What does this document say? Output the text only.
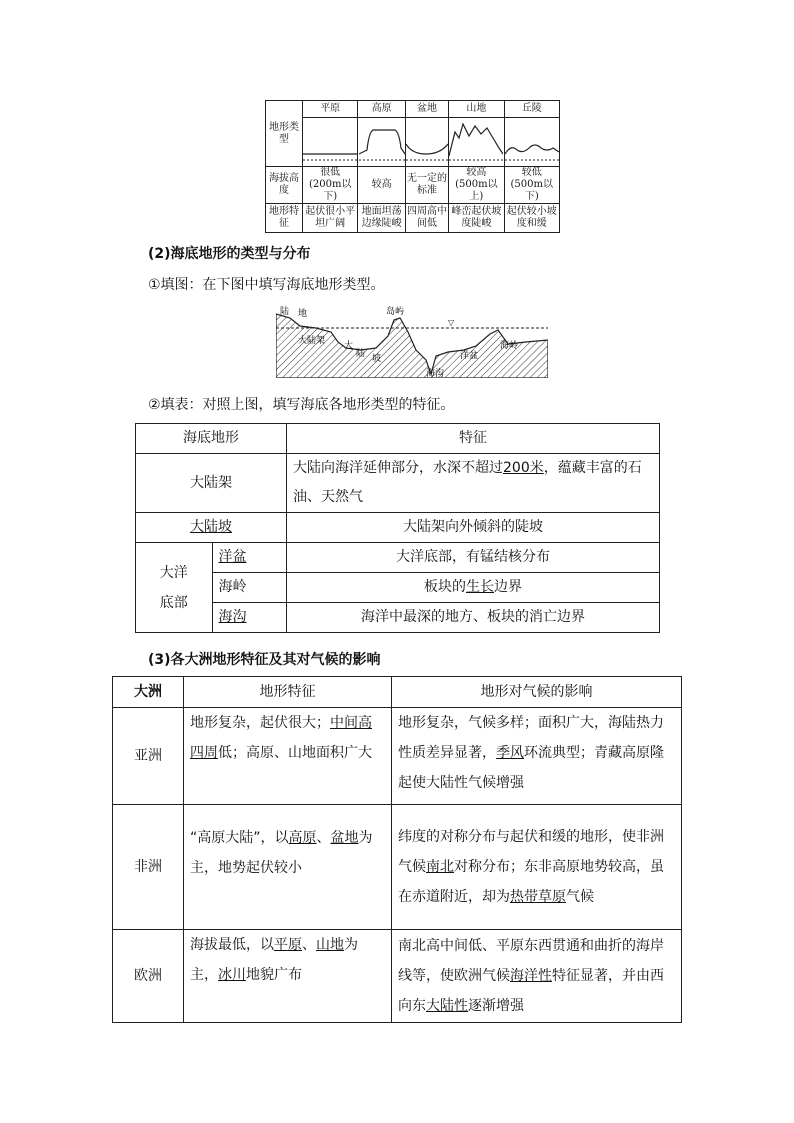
地形类型	平原	高原	盆地	山地	丘陵

海拔高度	很低(200m以下)	较高	无一定的标准	较高(500m以上)	较低(500m以下)
地形特征	起伏很小平坦广阔	地面坦荡边缘陡峻	四周高中间低	峰峦起伏坡度陡峻	起伏较小坡度和缓
(2)海底地形的类型与分布
①填图：在下图中填写海底地形类型。
▽
陆 地	岛屿
大陆架 大
陆 坡	洋盆
海岭
海沟
②填表：对照上图，填写海底各地形类型的特征。
海底地形		特征
大陆架		大陆向海洋延伸部分，水深不超过200米，蕴藏丰富的石油、天然气
大陆坡		大陆架向外倾斜的陡坡

大洋底部	洋盆	大洋底部，有锰结核分布
	海岭	板块的生长边界
	海沟	海洋中最深的地方、板块的消亡边界
(3)各大洲地形特征及其对气候的影响
大洲	地形特征	地形对气候的影响
亚洲	地形复杂，起伏很大；中间高四周低；高原、山地面积广大	地形复杂，气候多样；面积广大，海陆热力性质差异显著，季风环流典型；青藏高原隆起使大陆性气候增强
非洲	“高原大陆”，以高原、盆地为主，地势起伏较小	纬度的对称分布与起伏和缓的地形，使非洲气候南北对称分布；东非高原地势较高，虽在赤道附近，却为热带草原气候
欧洲	海拔最低，以平原、山地为主，冰川地貌广布	南北高中间低、平原东西贯通和曲折的海岸线等，使欧洲气候海洋性特征显著，并由西向东大陆性逐渐增强
